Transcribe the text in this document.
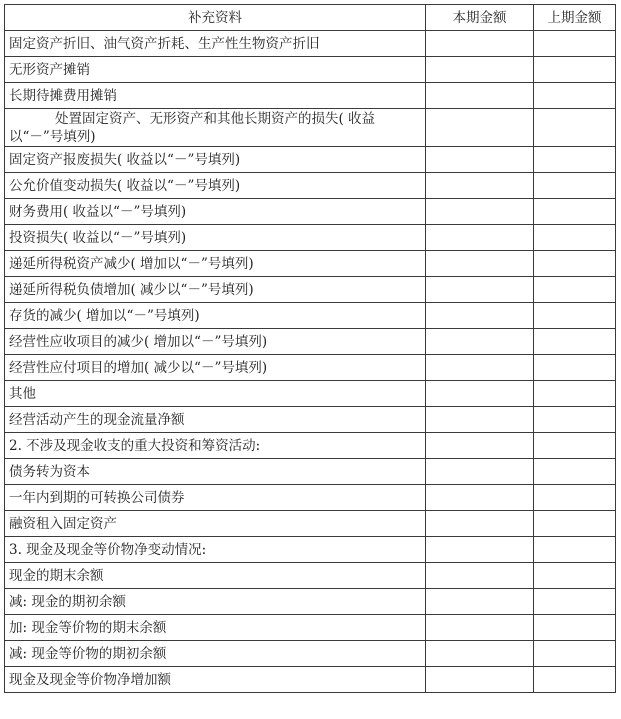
补充资料	本期金额	上期金额
固定资产折旧、油气资产折耗、生产性生物资产折旧		
无形资产摊销		
长期待摊费用摊销		
处置固定资产、无形资产和其他长期资产的损失( 收益以“－”号填列)		
固定资产报废损失( 收益以“－”号填列)		
公允价值变动损失( 收益以“－”号填列)		
财务费用( 收益以“－”号填列)		
投资损失( 收益以“－”号填列)		
递延所得税资产减少( 增加以“－”号填列)		
递延所得税负债增加( 减少以“－”号填列)		
存货的减少( 增加以“－”号填列)		
经营性应收项目的减少( 增加以“－”号填列)		
经营性应付项目的增加( 减少以“－”号填列)		
其他		
经营活动产生的现金流量净额		
2. 不涉及现金收支的重大投资和筹资活动:		
债务转为资本		
一年内到期的可转换公司债券		
融资租入固定资产		
3. 现金及现金等价物净变动情况:		
现金的期末余额		
减: 现金的期初余额		
加: 现金等价物的期末余额		
减: 现金等价物的期初余额		
现金及现金等价物净增加额		
